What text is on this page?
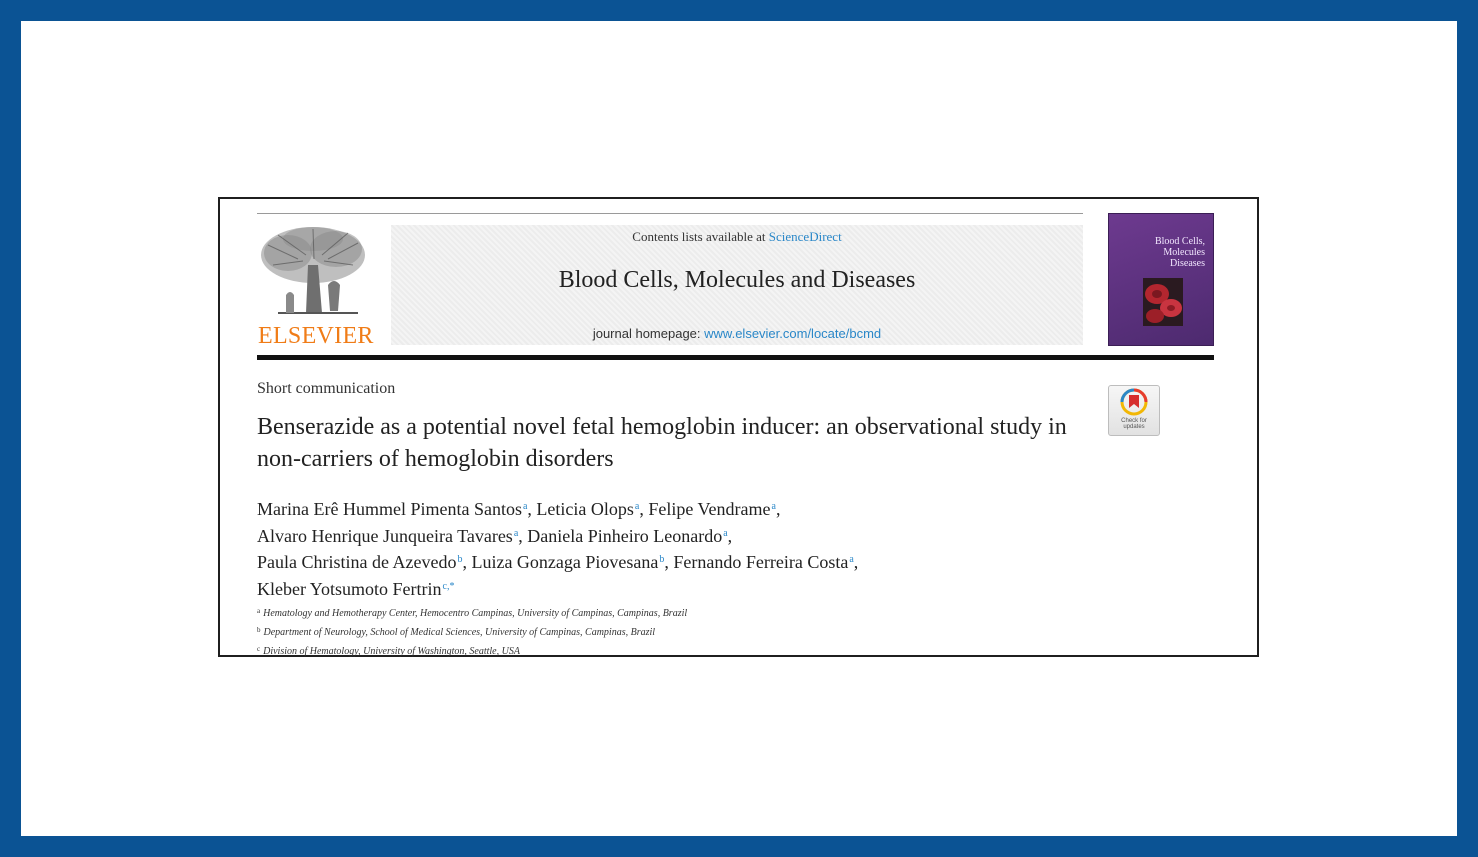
ELSEVIER
Contents lists available at ScienceDirect
Blood Cells, Molecules and Diseases
journal homepage: www.elsevier.com/locate/bcmd
Blood Cells,
Molecules
Diseases
Short communication
Check for
updates
Benserazide as a potential novel fetal hemoglobin inducer: an observational study in non-carriers of hemoglobin disorders
Marina Erê Hummel Pimenta Santos$^a$, Leticia Olops$^a$, Felipe Vendrame$^a$,
Alvaro Henrique Junqueira Tavares$^a$, Daniela Pinheiro Leonardo$^a$,
Paula Christina de Azevedo$^b$, Luiza Gonzaga Piovesana$^b$, Fernando Ferreira Costa$^a$,
Kleber Yotsumoto Fertrin$^{c,*}$
$^a$ Hematology and Hemotherapy Center, Hemocentro Campinas, University of Campinas, Campinas, Brazil
$^b$ Department of Neurology, School of Medical Sciences, University of Campinas, Campinas, Brazil
$^c$ Division of Hematology, University of Washington, Seattle, USA
